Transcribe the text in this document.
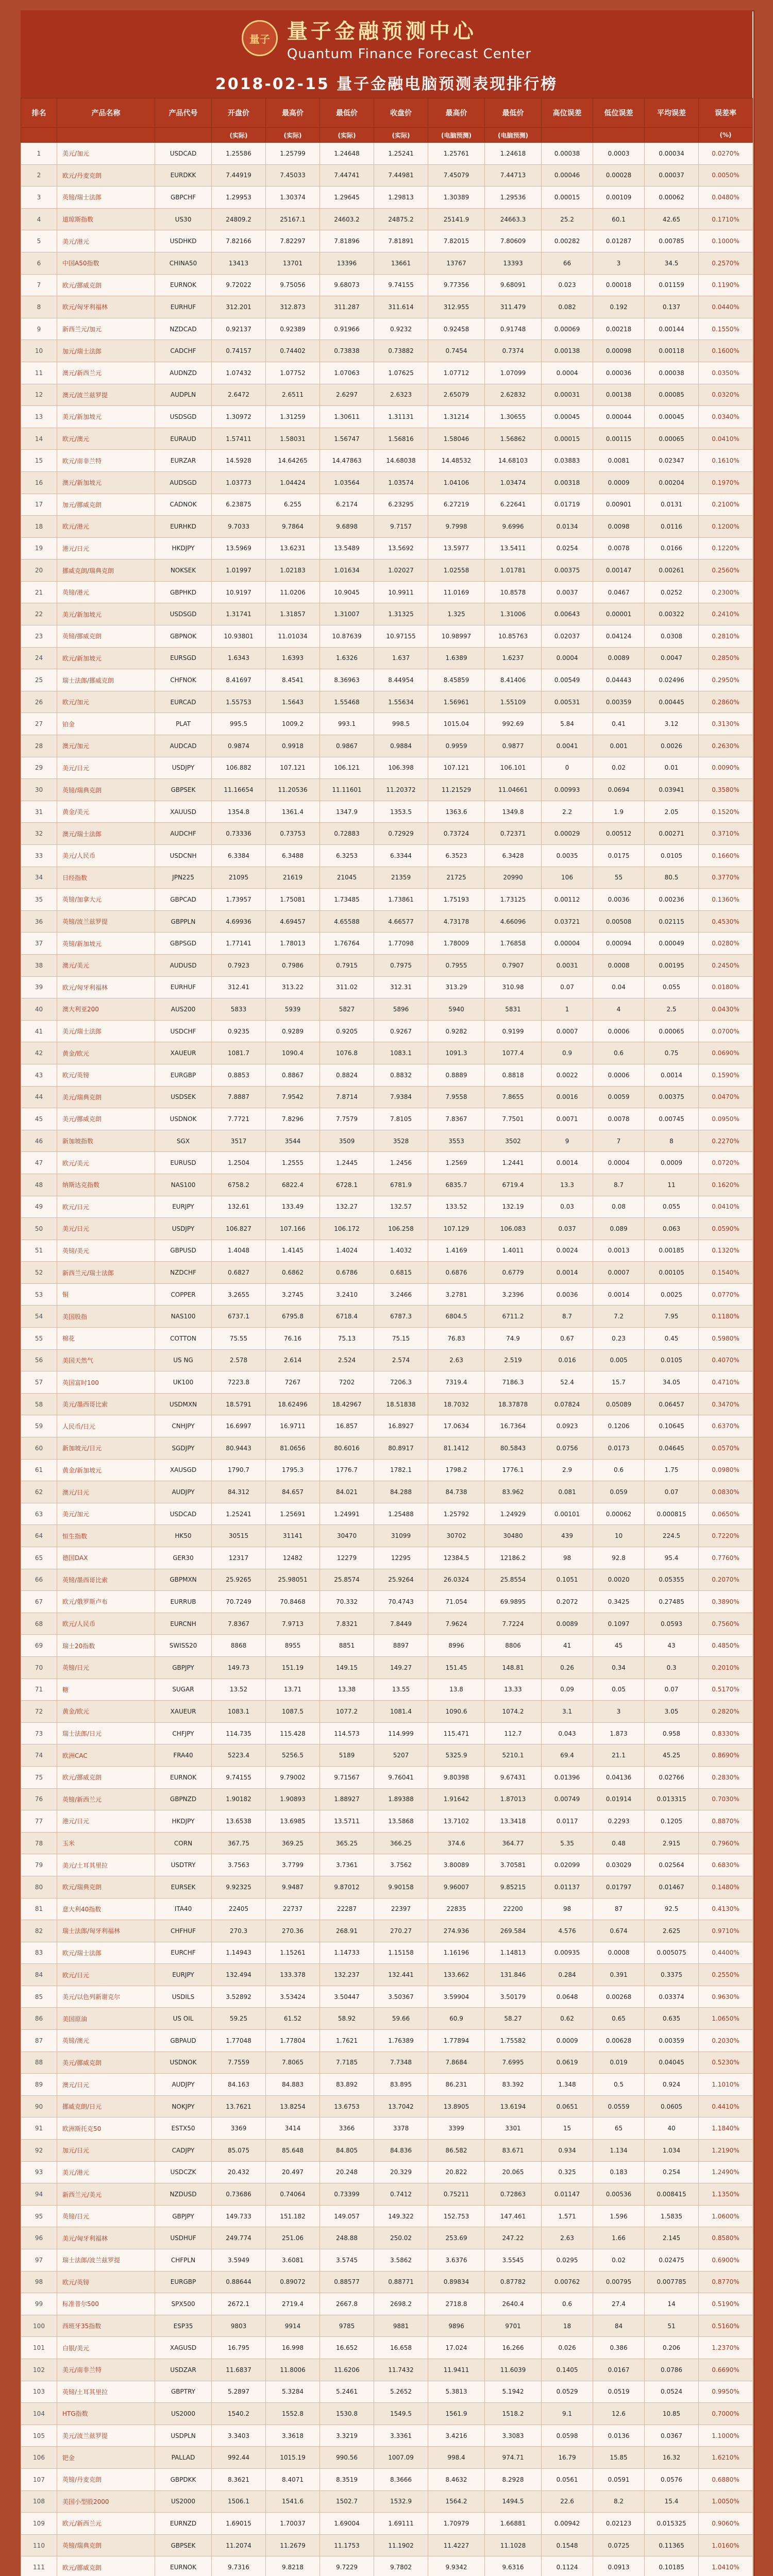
量子 量子金融预测中心
Quantum Finance Forecast Center
2018-02-15 量子金融电脑预测表现排行榜
排名	产品名称	产品代号	开盘价	最高价	最低价	收盘价	最高价	最低价	高位误差	低位误差	平均误差	误差率
			(实际)	(实际)	(实际)	(实际)	(电脑预测)	(电脑预测)				(%)
1	美元/加元	USDCAD	1.25586	1.25799	1.24648	1.25241	1.25761	1.24618	0.00038	0.0003	0.00034	0.0270%
2	欧元/丹麦克朗	EURDKK	7.44919	7.45033	7.44741	7.44981	7.45079	7.44713	0.00046	0.00028	0.00037	0.0050%
3	英镑/瑞士法郎	GBPCHF	1.29953	1.30374	1.29645	1.29813	1.30389	1.29536	0.00015	0.00109	0.00062	0.0480%
4	道琼斯指数	US30	24809.2	25167.1	24603.2	24875.2	25141.9	24663.3	25.2	60.1	42.65	0.1710%
5	美元/港元	USDHKD	7.82166	7.82297	7.81896	7.81891	7.82015	7.80609	0.00282	0.01287	0.00785	0.1000%
6	中国A50指数	CHINA50	13413	13701	13396	13661	13767	13393	66	3	34.5	0.2570%
7	欧元/挪威克朗	EURNOK	9.72022	9.75056	9.68073	9.74155	9.77356	9.68091	0.023	0.00018	0.01159	0.1190%
8	欧元/匈牙利福林	EURHUF	312.201	312.873	311.287	311.614	312.955	311.479	0.082	0.192	0.137	0.0440%
9	新西兰元/加元	NZDCAD	0.92137	0.92389	0.91966	0.9232	0.92458	0.91748	0.00069	0.00218	0.00144	0.1550%
10	加元/瑞士法郎	CADCHF	0.74157	0.74402	0.73838	0.73882	0.7454	0.7374	0.00138	0.00098	0.00118	0.1600%
11	澳元/新西兰元	AUDNZD	1.07432	1.07752	1.07063	1.07625	1.07712	1.07099	0.0004	0.00036	0.00038	0.0350%
12	澳元/波兰兹罗提	AUDPLN	2.6472	2.6511	2.6297	2.6323	2.65079	2.62832	0.00031	0.00138	0.00085	0.0320%
13	美元/新加坡元	USDSGD	1.30972	1.31259	1.30611	1.31131	1.31214	1.30655	0.00045	0.00044	0.00045	0.0340%
14	欧元/澳元	EURAUD	1.57411	1.58031	1.56747	1.56816	1.58046	1.56862	0.00015	0.00115	0.00065	0.0410%
15	欧元/南非兰特	EURZAR	14.5928	14.64265	14.47863	14.68038	14.48532	14.68103	0.03883	0.0081	0.02347	0.1610%
16	澳元/新加坡元	AUDSGD	1.03773	1.04424	1.03564	1.03574	1.04106	1.03474	0.00318	0.0009	0.00204	0.1970%
17	加元/挪威克朗	CADNOK	6.23875	6.255	6.2174	6.23295	6.27219	6.22641	0.01719	0.00901	0.0131	0.2100%
18	欧元/港元	EURHKD	9.7033	9.7864	9.6898	9.7157	9.7998	9.6996	0.0134	0.0098	0.0116	0.1200%
19	港元/日元	HKDJPY	13.5969	13.6231	13.5489	13.5692	13.5977	13.5411	0.0254	0.0078	0.0166	0.1220%
20	挪威克朗/瑞典克朗	NOKSEK	1.01997	1.02183	1.01634	1.02027	1.02558	1.01781	0.00375	0.00147	0.00261	0.2560%
21	英镑/港元	GBPHKD	10.9197	11.0206	10.9045	10.9911	11.0169	10.8578	0.0037	0.0467	0.0252	0.2300%
22	美元/新加坡元	USDSGD	1.31741	1.31857	1.31007	1.31325	1.325	1.31006	0.00643	0.00001	0.00322	0.2410%
23	英镑/挪威克朗	GBPNOK	10.93801	11.01034	10.87639	10.97155	10.98997	10.85763	0.02037	0.04124	0.0308	0.2810%
24	欧元/新加坡元	EURSGD	1.6343	1.6393	1.6326	1.637	1.6389	1.6237	0.0004	0.0089	0.0047	0.2850%
25	瑞士法郎/挪威克朗	CHFNOK	8.41697	8.4541	8.36963	8.44954	8.45859	8.41406	0.00549	0.04443	0.02496	0.2950%
26	欧元/加元	EURCAD	1.55753	1.5643	1.55468	1.55634	1.56961	1.55109	0.00531	0.00359	0.00445	0.2860%
27	铂金	PLAT	995.5	1009.2	993.1	998.5	1015.04	992.69	5.84	0.41	3.12	0.3130%
28	澳元/加元	AUDCAD	0.9874	0.9918	0.9867	0.9884	0.9959	0.9877	0.0041	0.001	0.0026	0.2630%
29	美元/日元	USDJPY	106.882	107.121	106.121	106.398	107.121	106.101	0	0.02	0.01	0.0090%
30	英镑/瑞典克朗	GBPSEK	11.16654	11.20536	11.11601	11.20372	11.21529	11.04661	0.00993	0.0694	0.03941	0.3580%
31	黄金/美元	XAUUSD	1354.8	1361.4	1347.9	1353.5	1363.6	1349.8	2.2	1.9	2.05	0.1520%
32	澳元/瑞士法郎	AUDCHF	0.73336	0.73753	0.72883	0.72929	0.73724	0.72371	0.00029	0.00512	0.00271	0.3710%
33	美元/人民币	USDCNH	6.3384	6.3488	6.3253	6.3344	6.3523	6.3428	0.0035	0.0175	0.0105	0.1660%
34	日经指数	JPN225	21095	21619	21045	21359	21725	20990	106	55	80.5	0.3770%
35	英镑/加拿大元	GBPCAD	1.73957	1.75081	1.73485	1.73861	1.75193	1.73125	0.00112	0.0036	0.00236	0.1360%
36	英镑/波兰兹罗提	GBPPLN	4.69936	4.69457	4.65588	4.66577	4.73178	4.66096	0.03721	0.00508	0.02115	0.4530%
37	英镑/新加坡元	GBPSGD	1.77141	1.78013	1.76764	1.77098	1.78009	1.76858	0.00004	0.00094	0.00049	0.0280%
38	澳元/美元	AUDUSD	0.7923	0.7986	0.7915	0.7975	0.7955	0.7907	0.0031	0.0008	0.00195	0.2450%
39	欧元/匈牙利福林	EURHUF	312.41	313.22	311.02	312.31	313.29	310.98	0.07	0.04	0.055	0.0180%
40	澳大利亚200	AUS200	5833	5939	5827	5896	5940	5831	1	4	2.5	0.0430%
41	美元/瑞士法郎	USDCHF	0.9235	0.9289	0.9205	0.9267	0.9282	0.9199	0.0007	0.0006	0.00065	0.0700%
42	黄金/欧元	XAUEUR	1081.7	1090.4	1076.8	1083.1	1091.3	1077.4	0.9	0.6	0.75	0.0690%
43	欧元/英镑	EURGBP	0.8853	0.8867	0.8824	0.8832	0.8889	0.8818	0.0022	0.0006	0.0014	0.1590%
44	美元/瑞典克朗	USDSEK	7.8887	7.9542	7.8714	7.9384	7.9558	7.8655	0.0016	0.0059	0.00375	0.0470%
45	美元/挪威克朗	USDNOK	7.7721	7.8296	7.7579	7.8105	7.8367	7.7501	0.0071	0.0078	0.00745	0.0950%
46	新加坡指数	SGX	3517	3544	3509	3528	3553	3502	9	7	8	0.2270%
47	欧元/美元	EURUSD	1.2504	1.2555	1.2445	1.2456	1.2569	1.2441	0.0014	0.0004	0.0009	0.0720%
48	纳斯达克指数	NAS100	6758.2	6822.4	6728.1	6781.9	6835.7	6719.4	13.3	8.7	11	0.1620%
49	欧元/日元	EURJPY	132.61	133.49	132.27	132.57	133.52	132.19	0.03	0.08	0.055	0.0410%
50	美元/日元	USDJPY	106.827	107.166	106.172	106.258	107.129	106.083	0.037	0.089	0.063	0.0590%
51	英镑/美元	GBPUSD	1.4048	1.4145	1.4024	1.4032	1.4169	1.4011	0.0024	0.0013	0.00185	0.1320%
52	新西兰元/瑞士法郎	NZDCHF	0.6827	0.6862	0.6786	0.6815	0.6876	0.6779	0.0014	0.0007	0.00105	0.1540%
53	铜	COPPER	3.2655	3.2745	3.2410	3.2466	3.2781	3.2396	0.0036	0.0014	0.0025	0.0770%
54	美国股指	NAS100	6737.1	6795.8	6718.4	6787.3	6804.5	6711.2	8.7	7.2	7.95	0.1180%
55	棉花	COTTON	75.55	76.16	75.13	75.15	76.83	74.9	0.67	0.23	0.45	0.5980%
56	美国天然气	US NG	2.578	2.614	2.524	2.574	2.63	2.519	0.016	0.005	0.0105	0.4070%
57	英国富时100	UK100	7223.8	7267	7202	7206.3	7319.4	7186.3	52.4	15.7	34.05	0.4710%
58	美元/墨西哥比索	USDMXN	18.5791	18.62496	18.42967	18.51838	18.7032	18.37878	0.07824	0.05089	0.06457	0.3470%
59	人民币/日元	CNHJPY	16.6997	16.9711	16.857	16.8927	17.0634	16.7364	0.0923	0.1206	0.10645	0.6370%
60	新加坡元/日元	SGDJPY	80.9443	81.0656	80.6016	80.8917	81.1412	80.5843	0.0756	0.0173	0.04645	0.0570%
61	黄金/新加坡元	XAUSGD	1790.7	1795.3	1776.7	1782.1	1798.2	1776.1	2.9	0.6	1.75	0.0980%
62	澳元/日元	AUDJPY	84.312	84.657	84.021	84.288	84.738	83.962	0.081	0.059	0.07	0.0830%
63	美元/加元	USDCAD	1.25241	1.25691	1.24991	1.25488	1.25792	1.24929	0.00101	0.00062	0.000815	0.0650%
64	恒生指数	HK50	30515	31141	30470	31099	30702	30480	439	10	224.5	0.7220%
65	德国DAX	GER30	12317	12482	12279	12295	12384.5	12186.2	98	92.8	95.4	0.7760%
66	英镑/墨西哥比索	GBPMXN	25.9265	25.98051	25.8574	25.9264	26.0324	25.8554	0.1051	0.0020	0.05355	0.2070%
67	欧元/俄罗斯卢布	EURRUB	70.7249	70.8468	70.332	70.4743	71.054	69.9895	0.2072	0.3425	0.27485	0.3890%
68	欧元/人民币	EURCNH	7.8367	7.9713	7.8321	7.8449	7.9624	7.7224	0.0089	0.1097	0.0593	0.7560%
69	瑞士20指数	SWISS20	8868	8955	8851	8897	8996	8806	41	45	43	0.4850%
70	英镑/日元	GBPJPY	149.73	151.19	149.15	149.27	151.45	148.81	0.26	0.34	0.3	0.2010%
71	糖	SUGAR	13.52	13.71	13.38	13.55	13.8	13.33	0.09	0.05	0.07	0.5170%
72	黄金/欧元	XAUEUR	1083.1	1087.5	1077.2	1081.4	1090.6	1074.2	3.1	3	3.05	0.2820%
73	瑞士法郎/日元	CHFJPY	114.735	115.428	114.573	114.999	115.471	112.7	0.043	1.873	0.958	0.8330%
74	欧洲CAC	FRA40	5223.4	5256.5	5189	5207	5325.9	5210.1	69.4	21.1	45.25	0.8690%
75	欧元/挪威克朗	EURNOK	9.74155	9.79002	9.71567	9.76041	9.80398	9.67431	0.01396	0.04136	0.02766	0.2830%
76	英镑/新西兰元	GBPNZD	1.90182	1.90893	1.88927	1.89388	1.91642	1.87013	0.00749	0.01914	0.013315	0.7030%
77	港元/日元	HKDJPY	13.6538	13.6985	13.5711	13.5868	13.7102	13.3418	0.0117	0.2293	0.1205	0.8870%
78	玉米	CORN	367.75	369.25	365.25	366.25	374.6	364.77	5.35	0.48	2.915	0.7960%
79	美元/土耳其里拉	USDTRY	3.7563	3.7799	3.7361	3.7562	3.80089	3.70581	0.02099	0.03029	0.02564	0.6830%
80	欧元/瑞典克朗	EURSEK	9.92325	9.9487	9.87012	9.90158	9.96007	9.85215	0.01137	0.01797	0.01467	0.1480%
81	意大利40指数	ITA40	22405	22737	22287	22397	22835	22200	98	87	92.5	0.4130%
82	瑞士法郎/匈牙利福林	CHFHUF	270.3	270.36	268.91	270.27	274.936	269.584	4.576	0.674	2.625	0.9710%
83	欧元/瑞士法郎	EURCHF	1.14943	1.15261	1.14733	1.15158	1.16196	1.14813	0.00935	0.0008	0.005075	0.4400%
84	欧元/日元	EURJPY	132.494	133.378	132.237	132.441	133.662	131.846	0.284	0.391	0.3375	0.2550%
85	美元/以色列新谢克尔	USDILS	3.52892	3.53424	3.50447	3.50367	3.59904	3.50179	0.0648	0.00268	0.03374	0.9630%
86	美国原油	US OIL	59.25	61.52	58.92	59.66	60.9	58.27	0.62	0.65	0.635	1.0650%
87	英镑/澳元	GBPAUD	1.77048	1.77804	1.7621	1.76389	1.77894	1.75582	0.0009	0.00628	0.00359	0.2030%
88	美元/挪威克朗	USDNOK	7.7559	7.8065	7.7185	7.7348	7.8684	7.6995	0.0619	0.019	0.04045	0.5230%
89	澳元/日元	AUDJPY	84.163	84.883	83.892	83.895	86.231	83.392	1.348	0.5	0.924	1.1010%
90	挪威克朗/日元	NOKJPY	13.7621	13.8254	13.6753	13.7042	13.8905	13.6194	0.0651	0.0559	0.0605	0.4410%
91	欧洲斯托克50	ESTX50	3369	3414	3366	3378	3399	3301	15	65	40	1.1840%
92	加元/日元	CADJPY	85.075	85.648	84.805	84.836	86.582	83.671	0.934	1.134	1.034	1.2190%
93	美元/港元	USDCZK	20.432	20.497	20.248	20.329	20.822	20.065	0.325	0.183	0.254	1.2490%
94	新西兰元/美元	NZDUSD	0.73686	0.74064	0.73399	0.7412	0.75211	0.72863	0.01147	0.00536	0.008415	1.1350%
95	英镑/日元	GBPJPY	149.733	151.182	149.057	149.322	152.753	147.461	1.571	1.596	1.5835	1.0600%
96	美元/匈牙利福林	USDHUF	249.774	251.06	248.88	250.02	253.69	247.22	2.63	1.66	2.145	0.8580%
97	瑞士法郎/波兰兹罗提	CHFPLN	3.5949	3.6081	3.5745	3.5862	3.6376	3.5545	0.0295	0.02	0.02475	0.6900%
98	欧元/英镑	EURGBP	0.88644	0.89072	0.88577	0.88771	0.89834	0.87782	0.00762	0.00795	0.007785	0.8770%
99	标准普尔500	SPX500	2672.1	2719.4	2667.8	2698.2	2718.8	2640.4	0.6	27.4	14	0.5190%
100	西班牙35指数	ESP35	9803	9914	9785	9881	9896	9701	18	84	51	0.5160%
101	白银/美元	XAGUSD	16.795	16.998	16.652	16.658	17.024	16.266	0.026	0.386	0.206	1.2370%
102	美元/南非兰特	USDZAR	11.6837	11.8006	11.6206	11.7432	11.9411	11.6039	0.1405	0.0167	0.0786	0.6690%
103	英镑/土耳其里拉	GBPTRY	5.2897	5.3284	5.2461	5.2652	5.3813	5.1942	0.0529	0.0519	0.0524	0.9950%
104	HTG指数	US2000	1540.2	1552.8	1530.8	1549.5	1561.9	1518.2	9.1	12.6	10.85	0.7000%
105	美元/波兰兹罗提	USDPLN	3.3403	3.3618	3.3219	3.3361	3.4216	3.3083	0.0598	0.0136	0.0367	1.1000%
106	钯金	PALLAD	992.44	1015.19	990.56	1007.09	998.4	974.71	16.79	15.85	16.32	1.6210%
107	英镑/丹麦克朗	GBPDKK	8.3621	8.4071	8.3519	8.3666	8.4632	8.2928	0.0561	0.0591	0.0576	0.6880%
108	美国小型股2000	US2000	1506.1	1541.6	1502.7	1532.9	1564.2	1494.5	22.6	8.2	15.4	1.0050%
109	欧元/新西兰元	EURNZD	1.69015	1.70037	1.69004	1.69111	1.70979	1.66881	0.00942	0.02123	0.015325	0.9060%
110	英镑/瑞典克朗	GBPSEK	11.2074	11.2679	11.1753	11.1902	11.4227	11.1028	0.1548	0.0725	0.11365	1.0160%
111	欧元/挪威克朗	EURNOK	9.7316	9.8218	9.7229	9.7802	9.9342	9.6316	0.1124	0.0913	0.10185	1.0410%
